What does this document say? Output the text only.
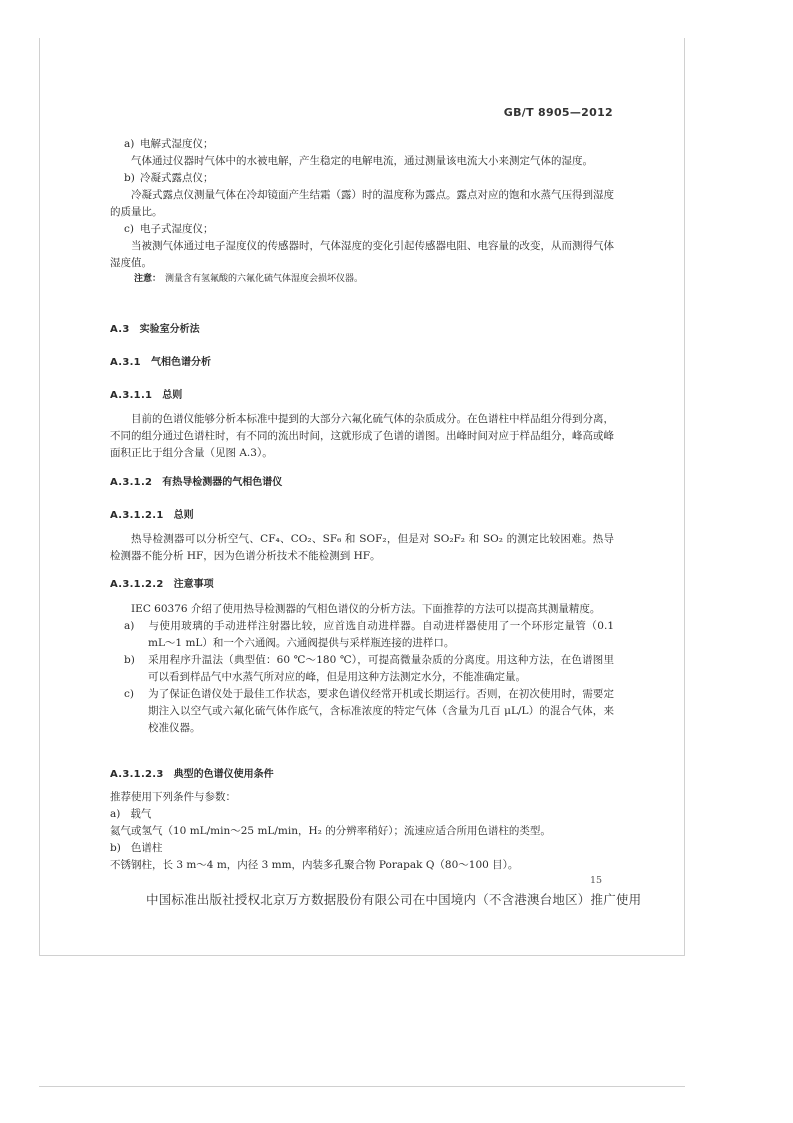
GB/T 8905—2012

a) 电解式湿度仪；

气体通过仪器时气体中的水被电解，产生稳定的电解电流，通过测量该电流大小来测定气体的湿度。

b) 冷凝式露点仪；

冷凝式露点仪测量气体在冷却镜面产生结霜（露）时的温度称为露点。露点对应的饱和水蒸气压得到湿度的质量比。

c) 电子式湿度仪；

当被测气体通过电子湿度仪的传感器时，气体湿度的变化引起传感器电阻、电容量的改变，从而测得气体湿度值。

注意： 测量含有氢氟酸的六氟化硫气体湿度会损坏仪器。

A.3 实验室分析法

A.3.1 气相色谱分析

A.3.1.1 总则

目前的色谱仪能够分析本标准中提到的大部分六氟化硫气体的杂质成分。在色谱柱中样品组分得到分离，不同的组分通过色谱柱时，有不同的流出时间，这就形成了色谱的谱图。出峰时间对应于样品组分，峰高或峰面积正比于组分含量（见图 A.3）。

A.3.1.2 有热导检测器的气相色谱仪

A.3.1.2.1 总则

热导检测器可以分析空气、CF₄、CO₂、SF₆ 和 SOF₂，但是对 SO₂F₂ 和 SO₂ 的测定比较困难。热导检测器不能分析 HF，因为色谱分析技术不能检测到 HF。

A.3.1.2.2 注意事项

IEC 60376 介绍了使用热导检测器的气相色谱仪的分析方法。下面推荐的方法可以提高其测量精度。

a) 与使用玻璃的手动进样注射器比较，应首选自动进样器。自动进样器使用了一个环形定量管（0.1 mL～1 mL）和一个六通阀。六通阀提供与采样瓶连接的进样口。

b) 采用程序升温法（典型值：60 ℃～180 ℃），可提高微量杂质的分离度。用这种方法，在色谱图里可以看到样品气中水蒸气所对应的峰，但是用这种方法测定水分，不能准确定量。

c) 为了保证色谱仪处于最佳工作状态，要求色谱仪经常开机或长期运行。否则，在初次使用时，需要定期注入以空气或六氟化硫气体作底气，含标准浓度的特定气体（含量为几百 μL/L）的混合气体，来校准仪器。

A.3.1.2.3 典型的色谱仪使用条件

推荐使用下列条件与参数：

a) 载气

氦气或氢气（10 mL/min～25 mL/min，H₂ 的分辨率稍好）；流速应适合所用色谱柱的类型。

b) 色谱柱

不锈钢柱，长 3 m～4 m，内径 3 mm，内装多孔聚合物 Porapak Q（80～100 目）。

15
中国标准出版社授权北京万方数据股份有限公司在中国境内（不含港澳台地区）推广使用
